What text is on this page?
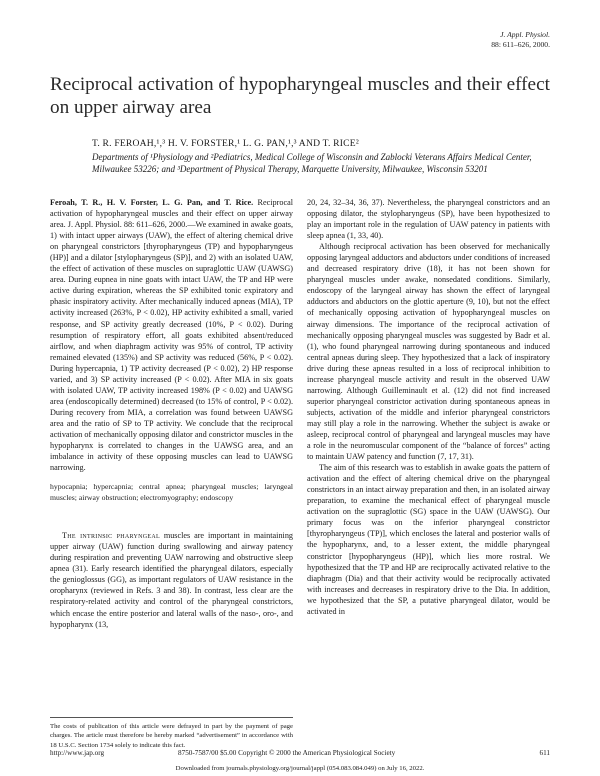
J. Appl. Physiol.
88: 611–626, 2000.
Reciprocal activation of hypopharyngeal muscles and their effect on upper airway area
T. R. FEROAH,¹,³ H. V. FORSTER,¹ L. G. PAN,¹,³ AND T. RICE²
Departments of ¹Physiology and ²Pediatrics, Medical College of Wisconsin and Zablocki Veterans Affairs Medical Center, Milwaukee 53226; and ³Department of Physical Therapy, Marquette University, Milwaukee, Wisconsin 53201

Feroah, T. R., H. V. Forster, L. G. Pan, and T. Rice. Reciprocal activation of hypopharyngeal muscles and their effect on upper airway area. J. Appl. Physiol. 88: 611–626, 2000.—We examined in awake goats, 1) with intact upper airways (UAW), the effect of altering chemical drive on pharyngeal constrictors [thyropharyngeus (TP) and hypopharyngeus (HP)] and a dilator [stylopharyngeus (SP)], and 2) with an isolated UAW, the effect of activation of these muscles on supraglottic UAW (UAWSG) area. During eupnea in nine goats with intact UAW, the TP and HP were active during expiration, whereas the SP exhibited tonic expiratory and phasic inspiratory activity. After mechanically induced apneas (MIA), TP activity increased (263%, P < 0.02), HP activity exhibited a small, varied response, and SP activity greatly decreased (10%, P < 0.02). During resumption of respiratory effort, all goats exhibited absent/reduced airflow, and when diaphragm activity was 95% of control, TP activity remained elevated (135%) and SP activity was reduced (56%, P < 0.02). During hypercapnia, 1) TP activity decreased (P < 0.02), 2) HP response varied, and 3) SP activity increased (P < 0.02). After MIA in six goats with isolated UAW, TP activity increased 198% (P < 0.02) and UAWSG area (endoscopically determined) decreased (to 15% of control, P < 0.02). During recovery from MIA, a correlation was found between UAWSG area and the ratio of SP to TP activity. We conclude that the reciprocal activation of mechanically opposing dilator and constrictor muscles in the hypopharynx is correlated to changes in the UAWSG area, and an imbalance in activity of these opposing muscles can lead to UAWSG narrowing.

hypocapnia; hypercapnia; central apnea; pharyngeal muscles; laryngeal muscles; airway obstruction; electromyography; endoscopy

The intrinsic pharyngeal muscles are important in maintaining upper airway (UAW) function during swallowing and airway patency during respiration and preventing UAW narrowing and obstructive sleep apnea (31). Early research identified the pharyngeal dilators, especially the genioglossus (GG), as important regulators of UAW resistance in the oropharynx (reviewed in Refs. 3 and 38). In contrast, less clear are the respiratory-related activity and control of the pharyngeal constrictors, which encase the entire posterior and lateral walls of the naso-, oro-, and hypopharynx (13,

20, 24, 32–34, 36, 37). Nevertheless, the pharyngeal constrictors and an opposing dilator, the stylopharyngeus (SP), have been hypothesized to play an important role in the regulation of UAW patency in patients with sleep apnea (1, 33, 40).

Although reciprocal activation has been observed for mechanically opposing laryngeal adductors and abductors under conditions of increased and decreased respiratory drive (18), it has not been shown for pharyngeal muscles under awake, nonsedated conditions. Similarly, endoscopy of the laryngeal airway has shown the effect of laryngeal adductors and abductors on the glottic aperture (9, 10), but not the effect of mechanically opposing activation of hypopharyngeal muscles on airway dimensions. The importance of the reciprocal activation of mechanically opposing pharyngeal muscles was suggested by Badr et al. (1), who found pharyngeal narrowing during spontaneous and induced central apneas during sleep. They hypothesized that a lack of inspiratory drive during these apneas resulted in a loss of reciprocal inhibition to increase pharyngeal muscle activity and result in the observed UAW narrowing. Although Guilleminault et al. (12) did not find increased superior pharyngeal constrictor activation during spontaneous apneas in subjects, activation of the middle and inferior pharyngeal constrictors may still play a role in the narrowing. Whether the subject is awake or asleep, reciprocal control of pharyngeal and laryngeal muscles may have a role in the neuromuscular component of the “balance of forces” acting to maintain UAW patency and function (7, 17, 31).

The aim of this research was to establish in awake goats the pattern of activation and the effect of altering chemical drive on the pharyngeal constrictors in an intact airway preparation and then, in an isolated airway preparation, to examine the mechanical effect of pharyngeal muscle activation on the supraglottic (SG) space in the UAW (UAWSG). Our primary focus was on the inferior pharyngeal constrictor [thyropharyngeus (TP)], which encloses the lateral and posterior walls of the hypopharynx, and, to a lesser extent, the middle pharyngeal constrictor [hypopharyngeus (HP)], which lies more rostral. We hypothesized that the TP and HP are reciprocally activated relative to the diaphragm (Dia) and that their activity would be reciprocally activated with increases and decreases in respiratory drive to the Dia. In addition, we hypothesized that the SP, a putative pharyngeal dilator, would be activated in

The costs of publication of this article were defrayed in part by the payment of page charges. The article must therefore be hereby marked “advertisement” in accordance with 18 U.S.C. Section 1734 solely to indicate this fact.
http://www.jap.org	8750-7587/00 $5.00 Copyright © 2000 the American Physiological Society	611
Downloaded from journals.physiology.org/journal/jappl (054.083.084.049) on July 16, 2022.
